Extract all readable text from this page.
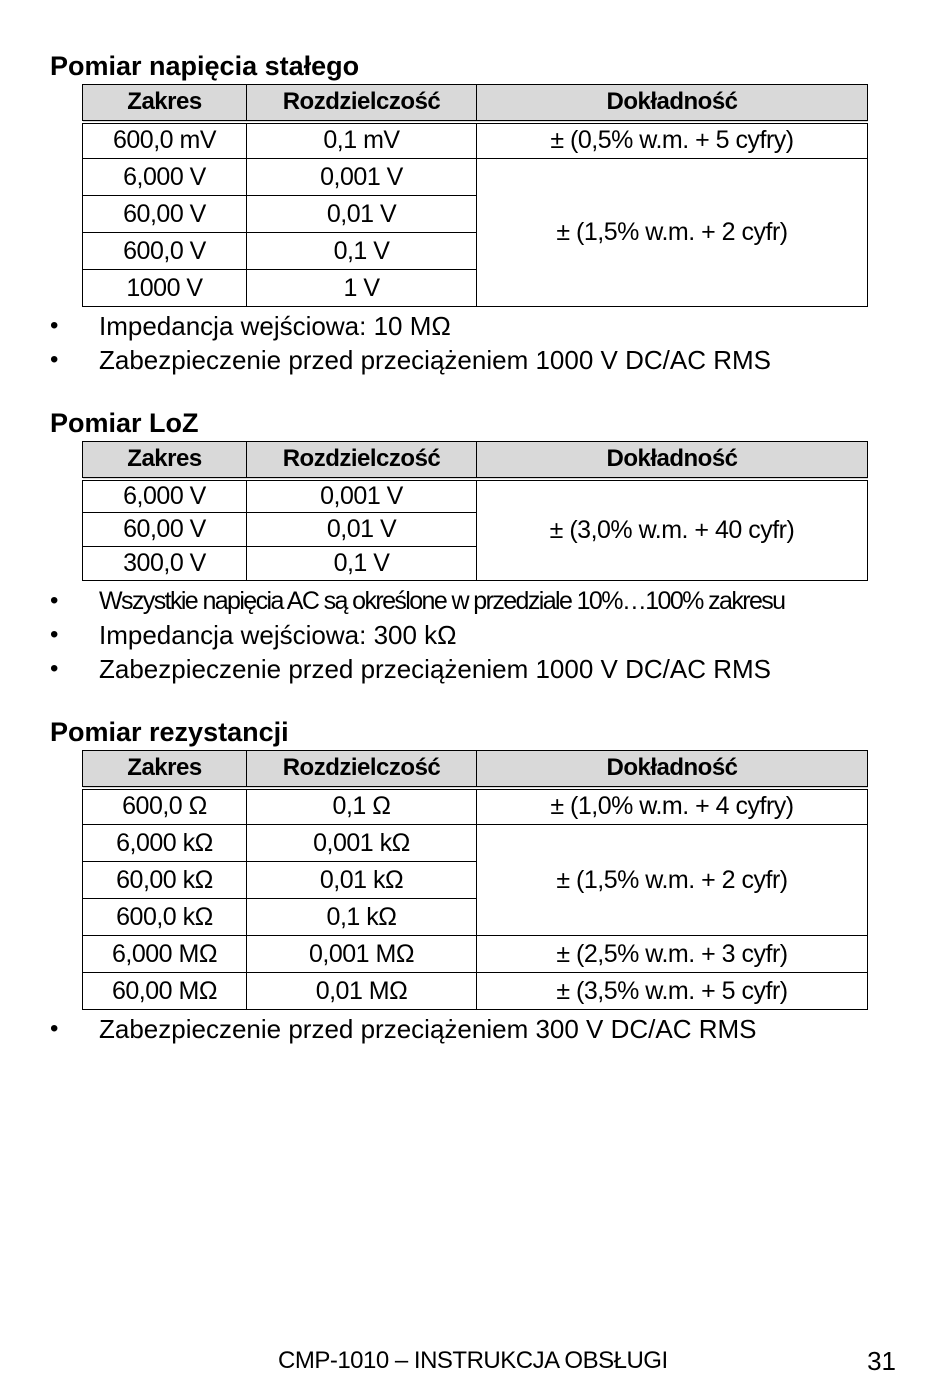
Pomiar napięcia stałego
Zakres	Rozdzielczość	Dokładność
600,0 mV	0,1 mV	± (0,5% w.m. + 5 cyfry)
6,000 V	0,001 V	± (1,5% w.m. + 2 cyfr)
60,00 V	0,01 V	
600,0 V	0,1 V	
1000 V	1 V	
• Impedancja wejściowa: 10 MΩ
• Zabezpieczenie przed przeciążeniem 1000 V DC/AC RMS
Pomiar LoZ
Zakres	Rozdzielczość	Dokładność
6,000 V	0,001 V	± (3,0% w.m. + 40 cyfr)
60,00 V	0,01 V	
300,0 V	0,1 V	
• Wszystkie napięcia AC są określone w przedziale 10%…100% zakresu
• Impedancja wejściowa: 300 kΩ
• Zabezpieczenie przed przeciążeniem 1000 V DC/AC RMS
Pomiar rezystancji
Zakres	Rozdzielczość	Dokładność
600,0 Ω	0,1 Ω	± (1,0% w.m. + 4 cyfry)
6,000 kΩ	0,001 kΩ	± (1,5% w.m. + 2 cyfr)
60,00 kΩ	0,01 kΩ	
600,0 kΩ	0,1 kΩ	
6,000 MΩ	0,001 MΩ	± (2,5% w.m. + 3 cyfr)
60,00 MΩ	0,01 MΩ	± (3,5% w.m. + 5 cyfr)
• Zabezpieczenie przed przeciążeniem 300 V DC/AC RMS
CMP-1010 – INSTRUKCJA OBSŁUGI	31
